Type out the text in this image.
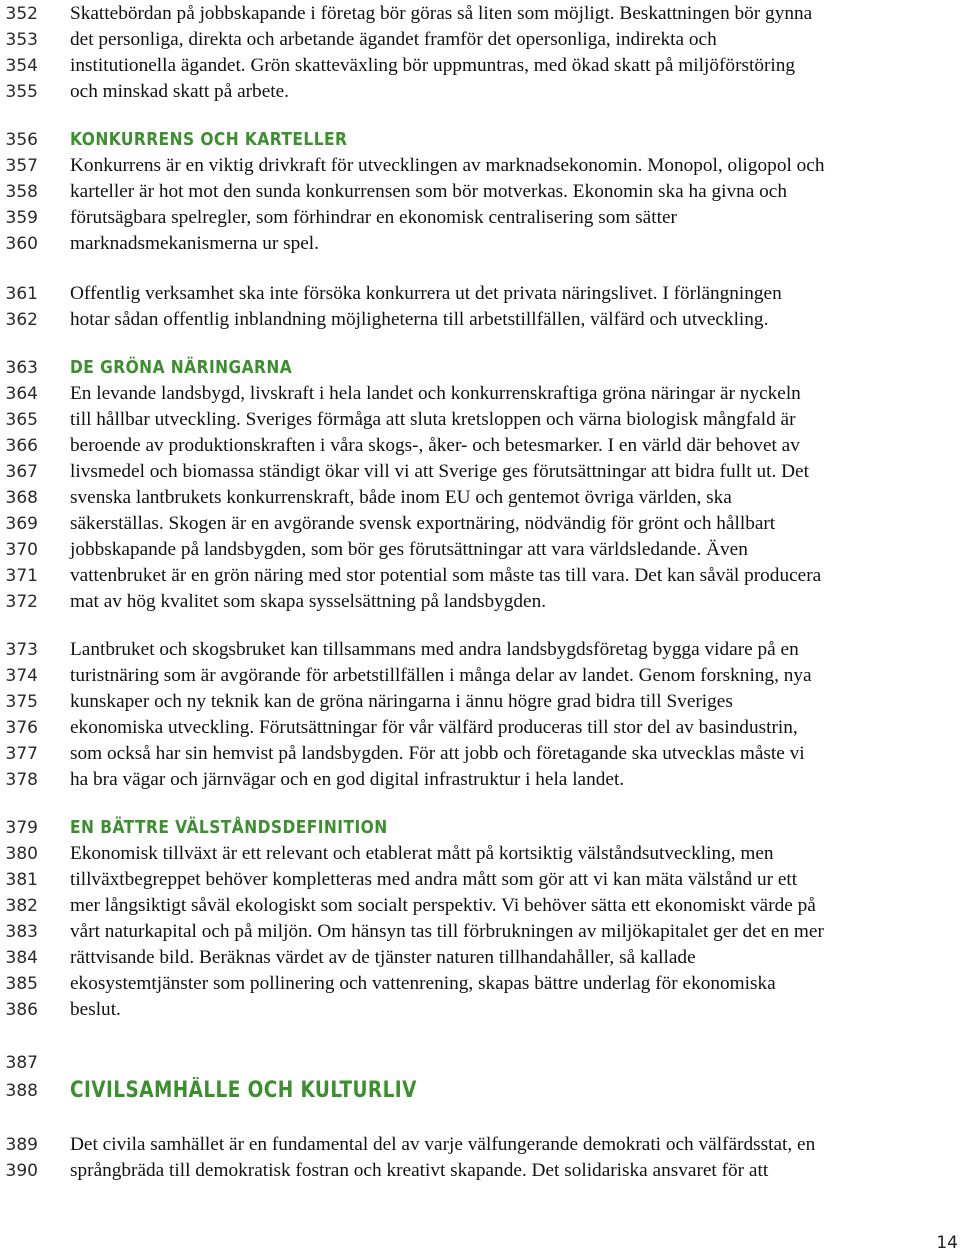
352 Skattebördan på jobbskapande i företag bör göras så liten som möjligt. Beskattningen bör gynna
353 det personliga, direkta och arbetande ägandet framför det opersonliga, indirekta och
354 institutionella ägandet. Grön skatteväxling bör uppmuntras, med ökad skatt på miljöförstöring
355 och minskad skatt på arbete.
356 KONKURRENS OCH KARTELLER
357 Konkurrens är en viktig drivkraft för utvecklingen av marknadsekonomin. Monopol, oligopol och
358 karteller är hot mot den sunda konkurrensen som bör motverkas. Ekonomin ska ha givna och
359 förutsägbara spelregler, som förhindrar en ekonomisk centralisering som sätter
360 marknadsmekanismerna ur spel.
361 Offentlig verksamhet ska inte försöka konkurrera ut det privata näringslivet. I förlängningen
362 hotar sådan offentlig inblandning möjligheterna till arbetstillfällen, välfärd och utveckling.
363 DE GRÖNA NÄRINGARNA
364 En levande landsbygd, livskraft i hela landet och konkurrenskraftiga gröna näringar är nyckeln
365 till hållbar utveckling. Sveriges förmåga att sluta kretsloppen och värna biologisk mångfald är
366 beroende av produktionskraften i våra skogs-, åker- och betesmarker. I en värld där behovet av
367 livsmedel och biomassa ständigt ökar vill vi att Sverige ges förutsättningar att bidra fullt ut. Det
368 svenska lantbrukets konkurrenskraft, både inom EU och gentemot övriga världen, ska
369 säkerställas. Skogen är en avgörande svensk exportnäring, nödvändig för grönt och hållbart
370 jobbskapande på landsbygden, som bör ges förutsättningar att vara världsledande. Även
371 vattenbruket är en grön näring med stor potential som måste tas till vara. Det kan såväl producera
372 mat av hög kvalitet som skapa sysselsättning på landsbygden.
373 Lantbruket och skogsbruket kan tillsammans med andra landsbygdsföretag bygga vidare på en
374 turistnäring som är avgörande för arbetstillfällen i många delar av landet. Genom forskning, nya
375 kunskaper och ny teknik kan de gröna näringarna i ännu högre grad bidra till Sveriges
376 ekonomiska utveckling. Förutsättningar för vår välfärd produceras till stor del av basindustrin,
377 som också har sin hemvist på landsbygden. För att jobb och företagande ska utvecklas måste vi
378 ha bra vägar och järnvägar och en god digital infrastruktur i hela landet.
379 EN BÄTTRE VÄLSTÅNDSDEFINITION
380 Ekonomisk tillväxt är ett relevant och etablerat mått på kortsiktig välståndsutveckling, men
381 tillväxtbegreppet behöver kompletteras med andra mått som gör att vi kan mäta välstånd ur ett
382 mer långsiktigt såväl ekologiskt som socialt perspektiv. Vi behöver sätta ett ekonomiskt värde på
383 vårt naturkapital och på miljön. Om hänsyn tas till förbrukningen av miljökapitalet ger det en mer
384 rättvisande bild. Beräknas värdet av de tjänster naturen tillhandahåller, så kallade
385 ekosystemtjänster som pollinering och vattenrening, skapas bättre underlag för ekonomiska
386 beslut.
387
388 CIVILSAMHÄLLE OCH KULTURLIV
389 Det civila samhället är en fundamental del av varje välfungerande demokrati och välfärdsstat, en
390 språngbräda till demokratisk fostran och kreativt skapande. Det solidariska ansvaret för att
14
